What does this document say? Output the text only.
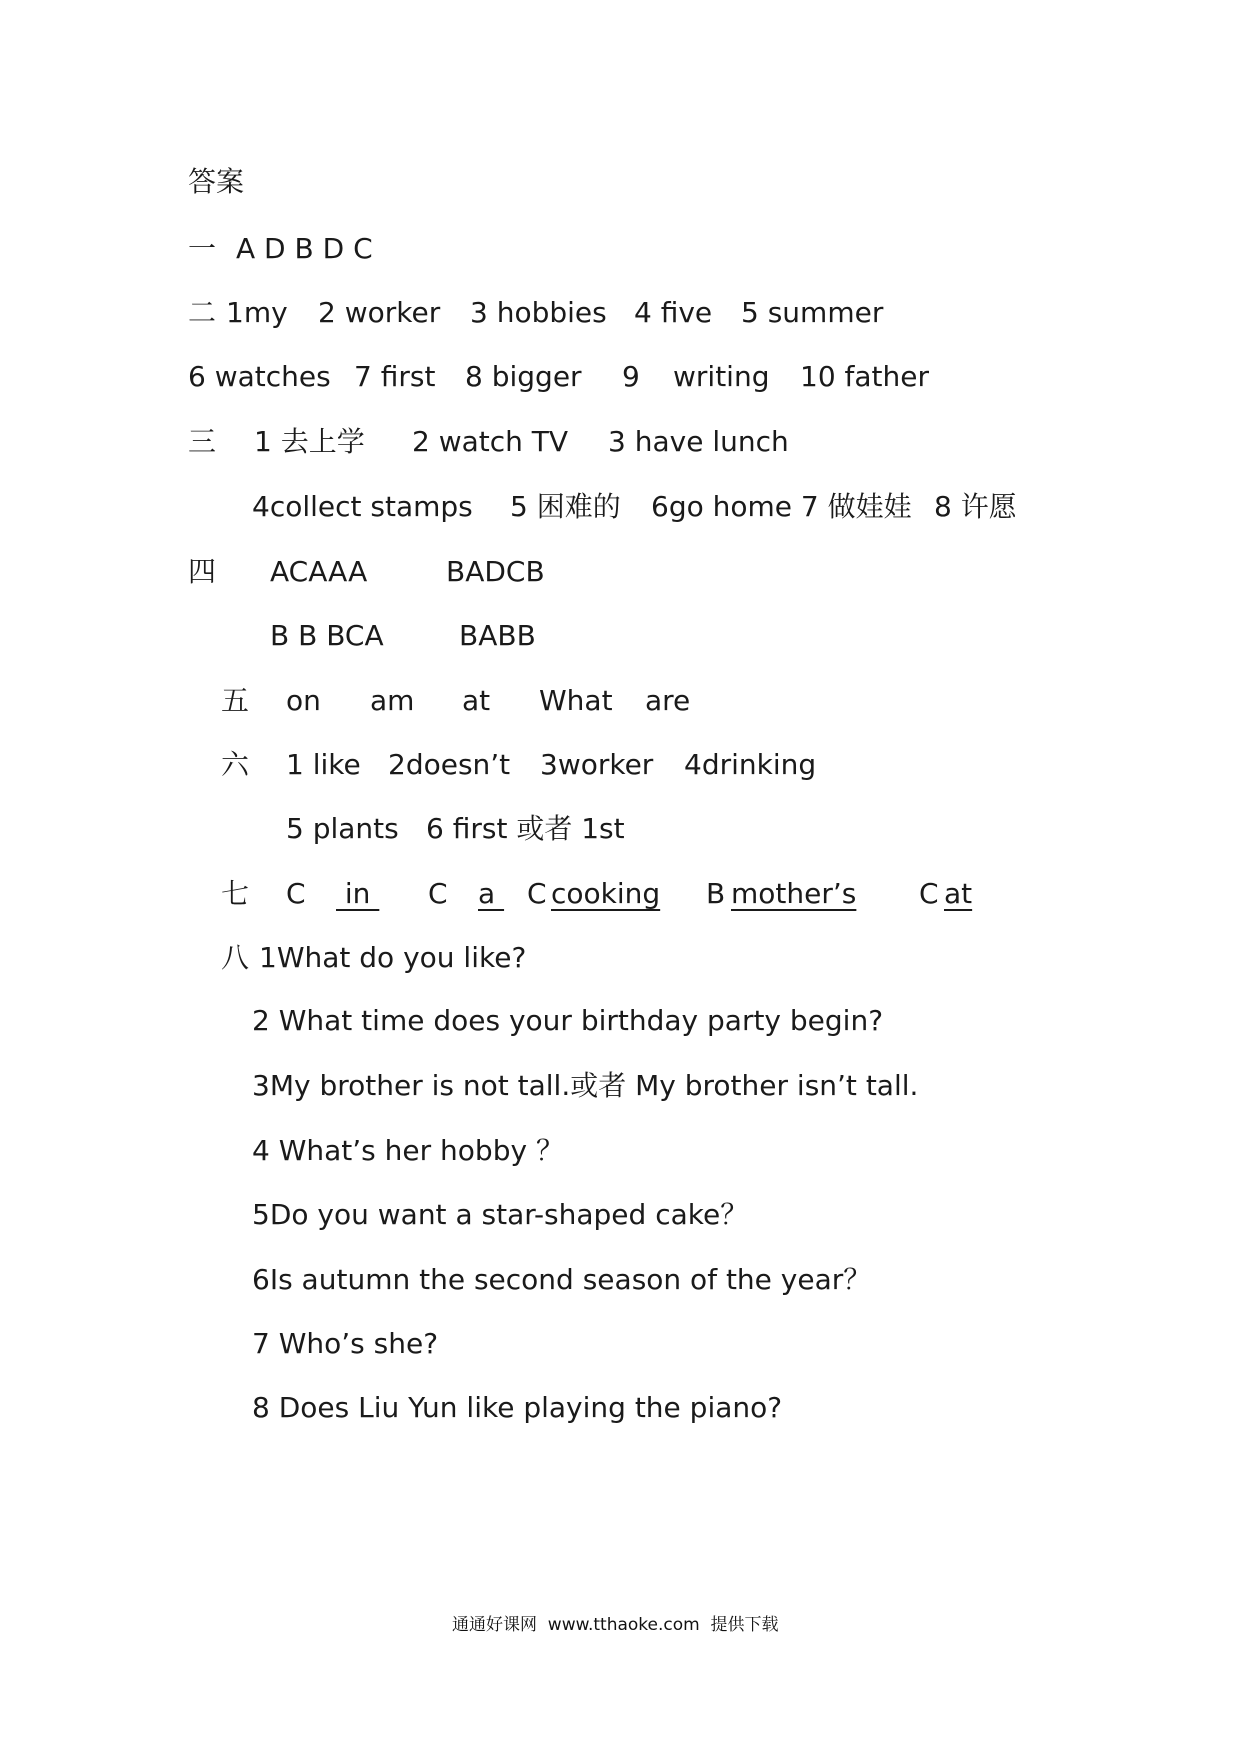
答案
一 A D B D C
二 1my 2 worker 3 hobbies 4 five 5 summer
6 watches 7 first 8 bigger 9 writing 10 father
三 1 去上学 2 watch TV 3 have lunch
4collect stamps 5 困难的 6go home 7 做娃娃 8 许愿
四 ACAAA	BADCB
B B BCA	BABB
五 on am at What are
六 1 like 2doesn’t 3worker 4drinking
5 plants 6 first 或者 1st
七 C in C a C cooking B mother’s C at
八 1What do you like?
2 What time does your birthday party begin?
3My brother is not tall.或者 My brother isn’t tall.
4 What’s her hobby ？
5Do you want a star-shaped cake？
6Is autumn the second season of the year？
7 Who’s she?
8 Does Liu Yun like playing the piano?
通通好课网  www.tthaoke.com  提供下载
